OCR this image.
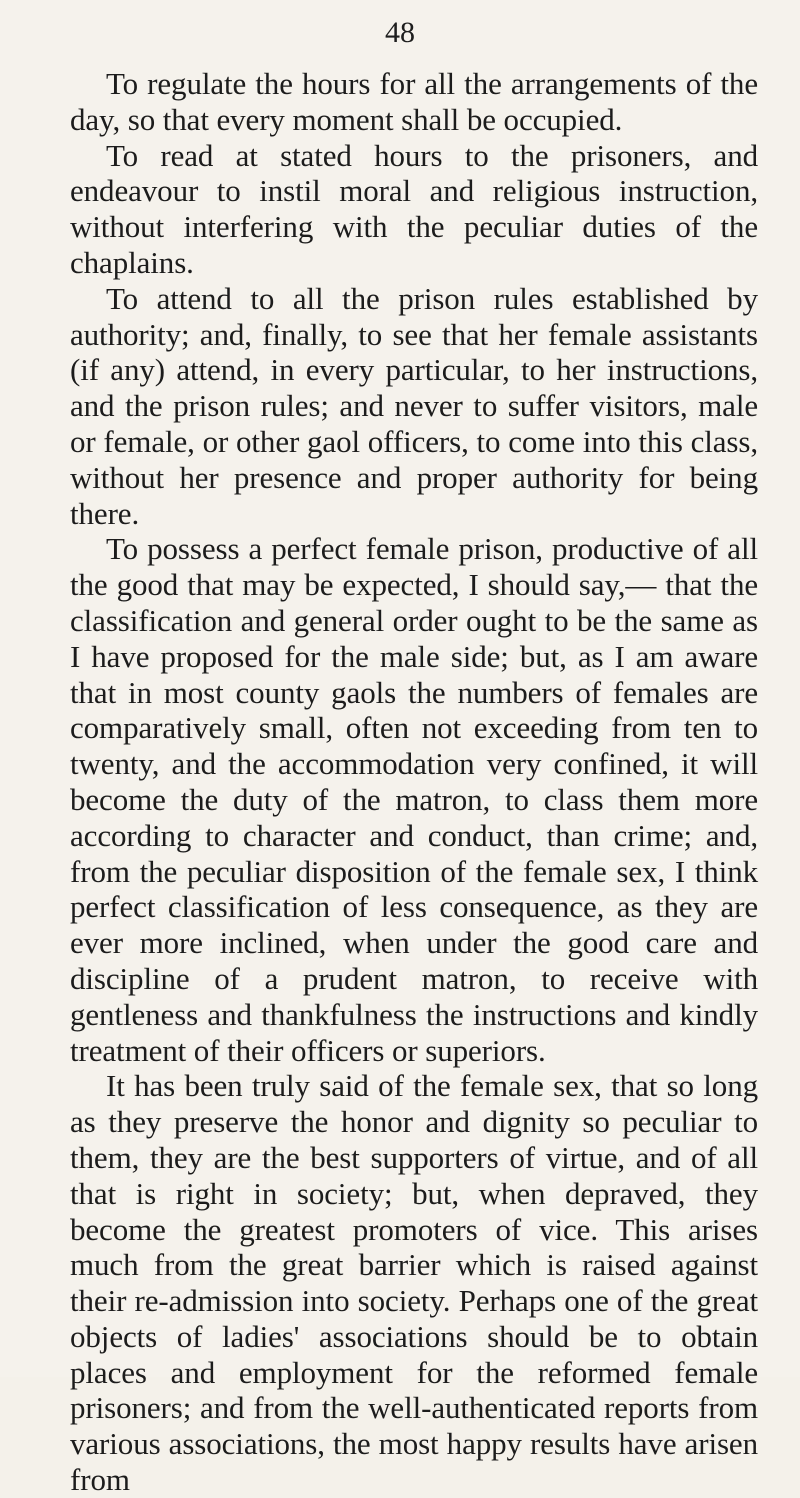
48

To regulate the hours for all the arrangements of the day, so that every moment shall be occupied.

To read at stated hours to the prisoners, and endeavour to instil moral and religious instruction, without interfering with the peculiar duties of the chaplains.

To attend to all the prison rules established by authority; and, finally, to see that her female assistants (if any) attend, in every particular, to her instructions, and the prison rules; and never to suffer visitors, male or female, or other gaol officers, to come into this class, without her presence and proper authority for being there.

To possess a perfect female prison, productive of all the good that may be expected, I should say,— that the classification and general order ought to be the same as I have proposed for the male side; but, as I am aware that in most county gaols the numbers of females are comparatively small, often not exceeding from ten to twenty, and the accommodation very confined, it will become the duty of the matron, to class them more according to character and conduct, than crime; and, from the peculiar disposition of the female sex, I think perfect classification of less consequence, as they are ever more inclined, when under the good care and discipline of a prudent matron, to receive with gentleness and thankfulness the instructions and kindly treatment of their officers or superiors.

It has been truly said of the female sex, that so long as they preserve the honor and dignity so peculiar to them, they are the best supporters of virtue, and of all that is right in society; but, when depraved, they become the greatest promoters of vice. This arises much from the great barrier which is raised against their re-admission into society. Perhaps one of the great objects of ladies' associations should be to obtain places and employment for the reformed female prisoners; and from the well-authenticated reports from various associations, the most happy results have arisen from
